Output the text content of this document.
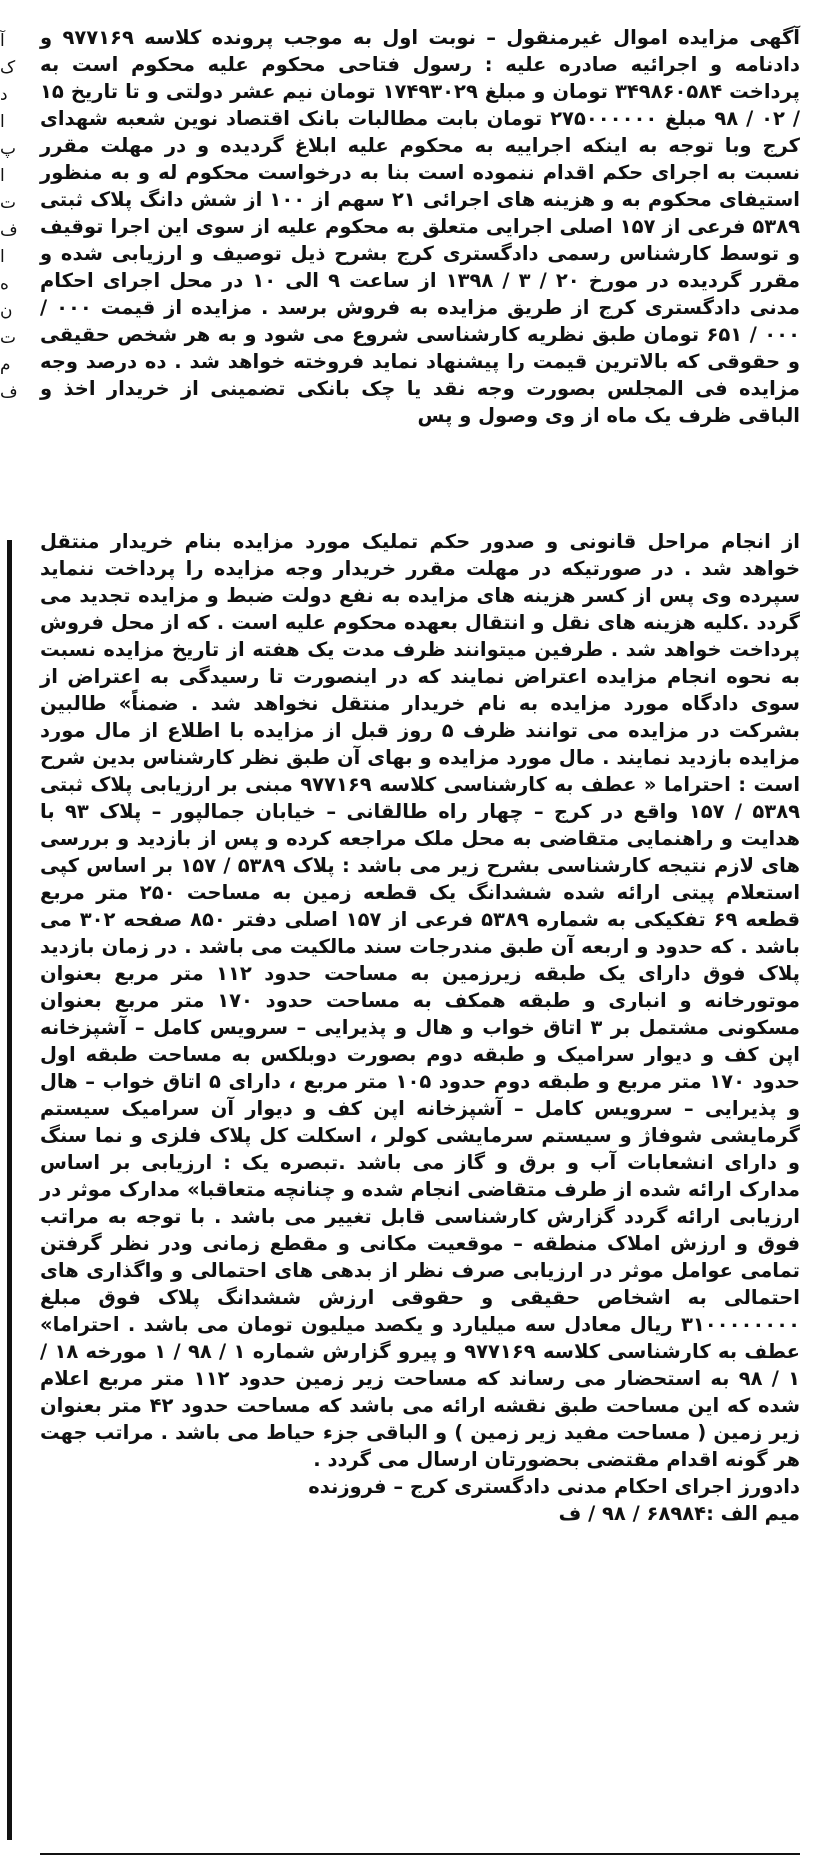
آ
ک
د
ا
پ
ا
ت
ف
ا
ه
ن
ت
م
ف

آگهی مزایده اموال غیرمنقول – نوبت اول به موجب پرونده کلاسه ۹۷۷۱۶۹ و دادنامه و اجرائیه صادره علیه : رسول فتاحی محکوم علیه محکوم است به پرداخت ۳۴۹۸۶۰۵۸۴ تومان و مبلغ ۱۷۴۹۳۰۲۹ تومان نیم عشر دولتی و تا تاریخ ۱۵ / ۰۲ / ۹۸ مبلغ ۲۷۵۰۰۰۰۰۰ تومان بابت مطالبات بانک اقتصاد نوین شعبه شهدای کرج وبا توجه به اینکه اجراییه به محکوم علیه ابلاغ گردیده و در مهلت مقرر نسبت به اجرای حکم اقدام ننموده است بنا به درخواست محکوم له و به منظور استیفای محکوم به و هزینه های اجرائی ۲۱ سهم از ۱۰۰ از شش دانگ پلاک ثبتی ۵۳۸۹ فرعی از ۱۵۷ اصلی اجرایی متعلق به محکوم علیه از سوی این اجرا توقیف و توسط کارشناس رسمی دادگستری کرج بشرح ذیل توصیف و ارزیابی شده و مقرر گردیده در مورخ ۲۰ / ۳ / ۱۳۹۸ از ساعت ۹ الی ۱۰ در محل اجرای احکام مدنی دادگستری کرج از طریق مزایده به فروش برسد . مزایده از قیمت ۰۰۰ / ۰۰۰ / ۶۵۱ تومان طبق نظریه کارشناسی شروع می شود و به هر شخص حقیقی و حقوقی که بالاترین قیمت را پیشنهاد نماید فروخته خواهد شد . ده درصد وجه مزایده فی المجلس بصورت وجه نقد یا چک بانکی تضمینی از خریدار اخذ و الباقی ظرف یک ماه از وی وصول و پس

از انجام مراحل قانونی و صدور حکم تملیک مورد مزایده بنام خریدار منتقل خواهد شد . در صورتیکه در مهلت مقرر خریدار وجه مزایده را پرداخت ننماید سپرده وی پس از کسر هزینه های مزایده به نفع دولت ضبط و مزایده تجدید می گردد .کلیه هزینه های نقل و انتقال بعهده محکوم علیه است . که از محل فروش پرداخت خواهد شد . طرفین میتوانند ظرف مدت یک هفته از تاریخ مزایده نسبت به نحوه انجام مزایده اعتراض نمایند که در اینصورت تا رسیدگی به اعتراض از سوی دادگاه مورد مزایده به نام خریدار منتقل نخواهد شد . ضمناً» طالبین بشرکت در مزایده می توانند ظرف ۵ روز قبل از مزایده با اطلاع از مال مورد مزایده بازدید نمایند . مال مورد مزایده و بهای آن طبق نظر کارشناس بدین شرح است : احتراما « عطف به کارشناسی کلاسه ۹۷۷۱۶۹ مبنی بر ارزیابی پلاک ثبتی ۵۳۸۹ / ۱۵۷ واقع در کرج – چهار راه طالقانی – خیابان جمالپور – پلاک ۹۳ با هدایت و راهنمایی متقاضی به محل ملک مراجعه کرده و پس از بازدید و بررسی های لازم نتیجه کارشناسی بشرح زیر می باشد : پلاک ۵۳۸۹ / ۱۵۷ بر اساس کپی استعلام پیتی ارائه شده ششدانگ یک قطعه زمین به مساحت ۲۵۰ متر مربع قطعه ۶۹ تفکیکی به شماره ۵۳۸۹ فرعی از ۱۵۷ اصلی دفتر ۸۵۰ صفحه ۳۰۲ می باشد . که حدود و اربعه آن طبق مندرجات سند مالکیت می باشد . در زمان بازدید پلاک فوق دارای یک طبقه زیرزمین به مساحت حدود ۱۱۲ متر مربع بعنوان موتورخانه و انباری و طبقه همکف به مساحت حدود ۱۷۰ متر مربع بعنوان مسکونی مشتمل بر ۳ اتاق خواب و هال و پذیرایی – سرویس کامل – آشپزخانه اپن کف و دیوار سرامیک و طبقه دوم بصورت دوبلکس به مساحت طبقه اول حدود ۱۷۰ متر مربع و طبقه دوم حدود ۱۰۵ متر مربع ، دارای ۵ اتاق خواب – هال و پذیرایی – سرویس کامل – آشپزخانه اپن کف و دیوار آن سرامیک سیستم گرمایشی شوفاژ و سیستم سرمایشی کولر ، اسکلت کل پلاک فلزی و نما سنگ و دارای انشعابات آب و برق و گاز می باشد .تبصره یک : ارزیابی بر اساس مدارک ارائه شده از طرف متقاضی انجام شده و چنانچه متعاقبا» مدارک موثر در ارزیابی ارائه گردد گزارش کارشناسی قابل تغییر می باشد . با توجه به مراتب فوق و ارزش املاک منطقه – موقعیت مکانی و مقطع زمانی ودر نظر گرفتن تمامی عوامل موثر در ارزیابی صرف نظر از بدهی های احتمالی و واگذاری های احتمالی به اشخاص حقیقی و حقوقی ارزش ششدانگ پلاک فوق مبلغ ۳۱۰۰۰۰۰۰۰۰ ریال معادل سه میلیارد و یکصد میلیون تومان می باشد . احتراما» عطف به کارشناسی کلاسه ۹۷۷۱۶۹ و پیرو گزارش شماره ۱ / ۹۸ / ۱ مورخه ۱۸ / ۱ / ۹۸ به استحضار می رساند که مساحت زیر زمین حدود ۱۱۲ متر مربع اعلام شده که این مساحت طبق نقشه ارائه می باشد که مساحت حدود ۴۲ متر بعنوان زیر زمین ( مساحت مفید زیر زمین ) و الباقی جزء حیاط می باشد . مراتب جهت هر گونه اقدام مقتضی بحضورتان ارسال می گردد .

دادورز اجرای احکام مدنی دادگستری کرج – فروزنده

میم الف :۶۸۹۸۴ / ۹۸ / ف
